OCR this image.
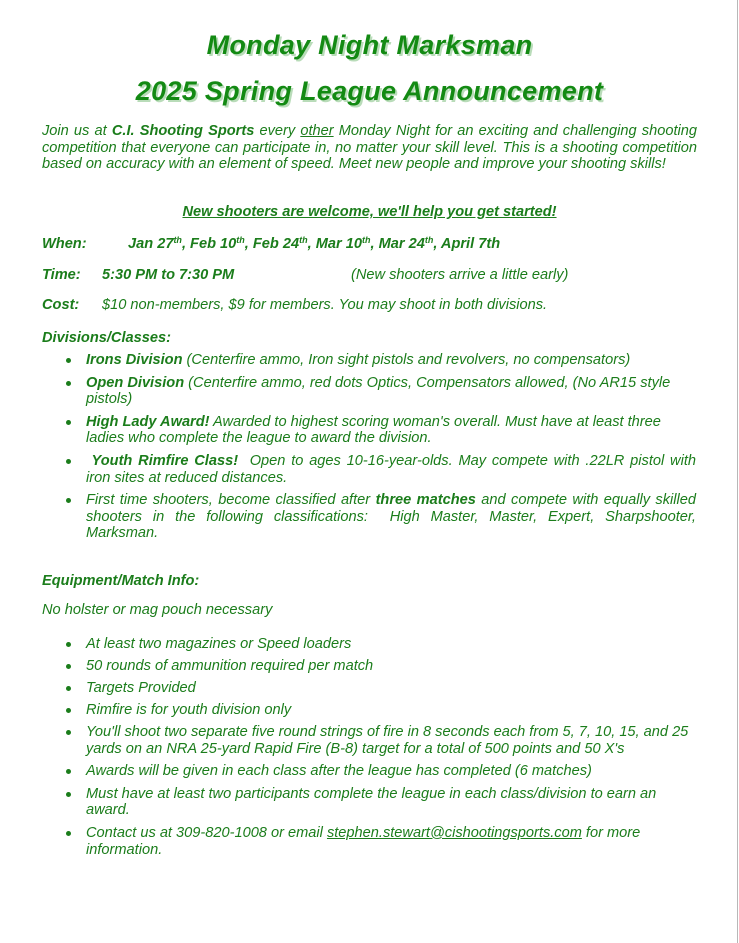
Monday Night Marksman
2025 Spring League Announcement

Join us at C.I. Shooting Sports every other Monday Night for an exciting and challenging shooting competition that everyone can participate in, no matter your skill level. This is a shooting competition based on accuracy with an element of speed. Meet new people and improve your shooting skills!

New shooters are welcome, we'll help you get started!
When:	Jan 27th, Feb 10th, Feb 24th, Mar 10th, Mar 24th, April 7th
Time: 5:30 PM to 7:30 PM	(New shooters arrive a little early)
Cost: $10 non-members, $9 for members. You may shoot in both divisions.
Divisions/Classes:
Irons Division (Centerfire ammo, Iron sight pistols and revolvers, no compensators)
Open Division (Centerfire ammo, red dots Optics, Compensators allowed, (No AR15 style pistols)
High Lady Award! Awarded to highest scoring woman's overall. Must have at least three ladies who complete the league to award the division.
Youth Rimfire Class!  Open to ages 10-16-year-olds. May compete with .22LR pistol with iron sites at reduced distances.
First time shooters, become classified after three matches and compete with equally skilled shooters in the following classifications:  High Master, Master, Expert, Sharpshooter, Marksman.
Equipment/Match Info:
No holster or mag pouch necessary
At least two magazines or Speed loaders
50 rounds of ammunition required per match
Targets Provided
Rimfire is for youth division only
You'll shoot two separate five round strings of fire in 8 seconds each from 5, 7, 10, 15, and 25 yards on an NRA 25-yard Rapid Fire (B-8) target for a total of 500 points and 50 X's
Awards will be given in each class after the league has completed (6 matches)
Must have at least two participants complete the league in each class/division to earn an award.
Contact us at 309-820-1008 or email stephen.stewart@cishootingsports.com for more information.
